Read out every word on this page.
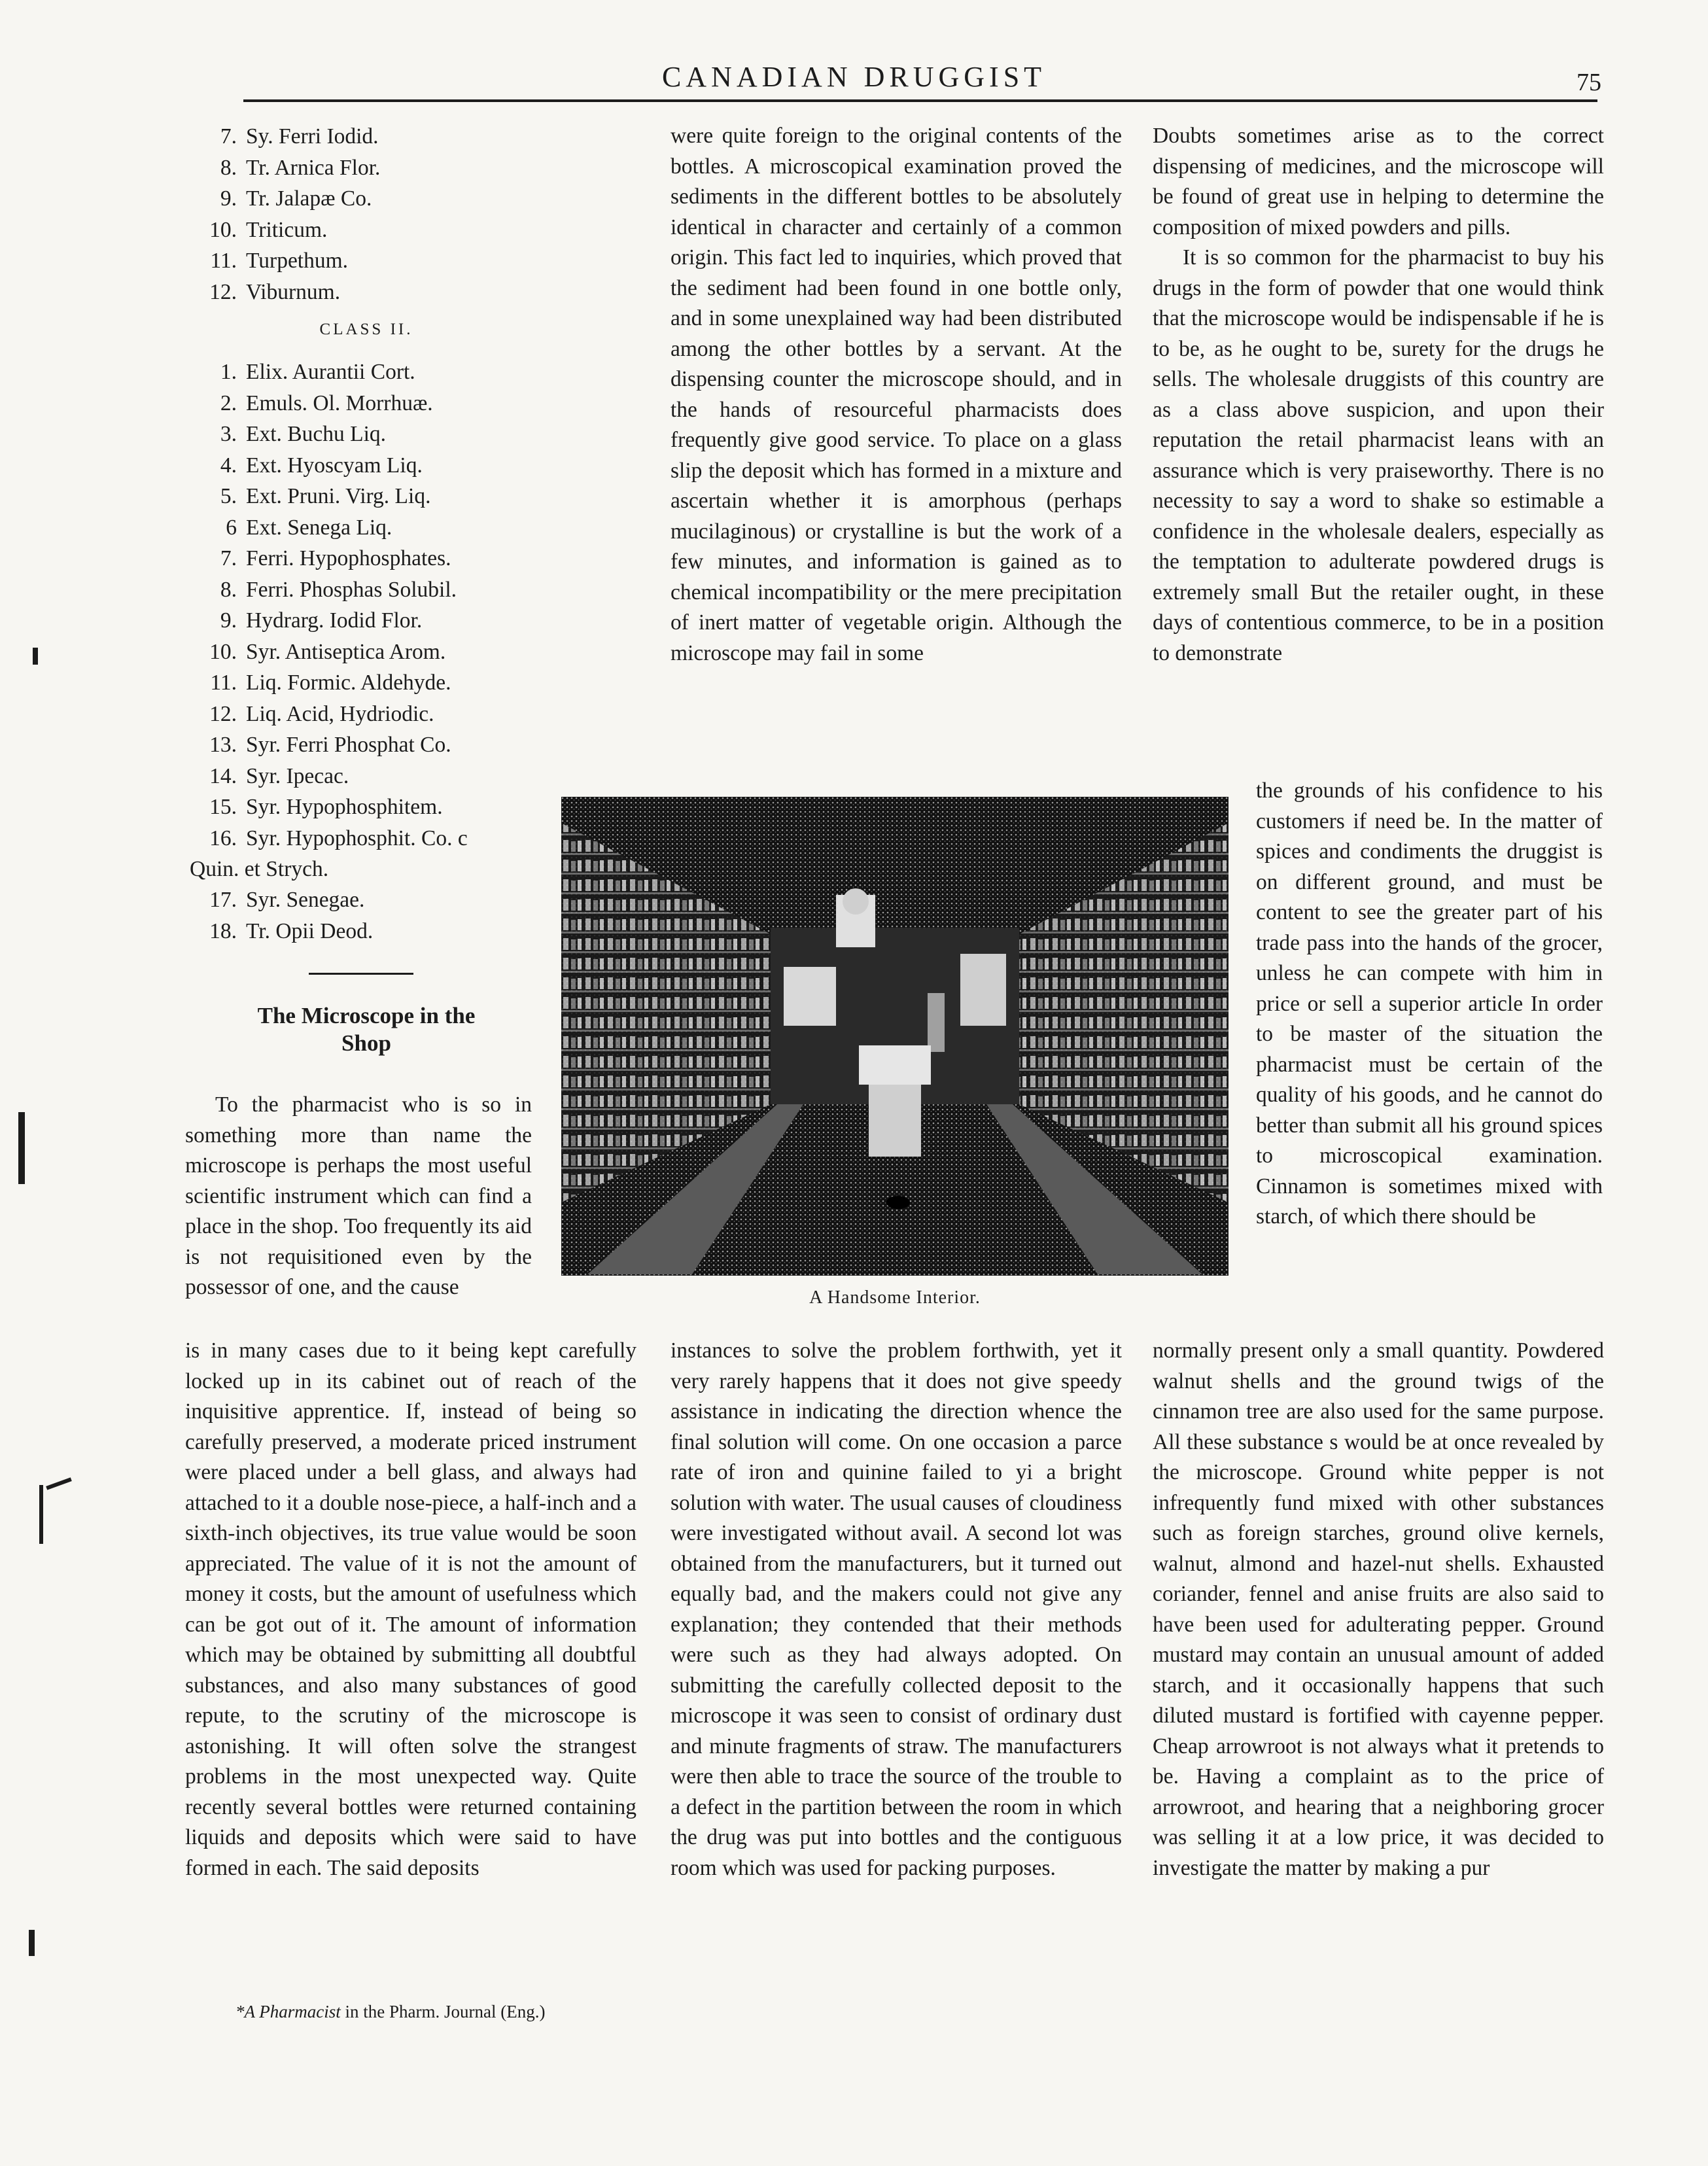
CANADIAN DRUGGIST	75
7. Sy. Ferri Iodid.
8. Tr. Arnica Flor.
9. Tr. Jalapæ Co.
10. Triticum.
11. Turpethum.
12. Viburnum.
CLASS II.
1. Elix. Aurantii Cort.
2. Emuls. Ol. Morrhuæ.
3. Ext. Buchu Liq.
4. Ext. Hyoscyam Liq.
5. Ext. Pruni. Virg. Liq.
6 Ext. Senega Liq.
7. Ferri. Hypophosphates.
8. Ferri. Phosphas Solubil.
9. Hydrarg. Iodid Flor.
10. Syr. Antiseptica Arom.
11. Liq. Formic. Aldehyde.
12. Liq. Acid, Hydriodic.
13. Syr. Ferri Phosphat Co.
14. Syr. Ipecac.
15. Syr. Hypophosphitem.
16. Syr. Hypophosphit. Co. c
Quin. et Strych.
17. Syr. Senegae.
18. Tr. Opii Deod.
The Microscope in the
Shop

To the pharmacist who is so in something more than name the microscope is perhaps the most useful scientific instrument which can find a place in the shop. Too frequently its aid is not requisitioned even by the possessor of one, and the cause

is in many cases due to it being kept carefully locked up in its cabinet out of reach of the inquisitive apprentice. If, instead of being so carefully preserved, a moderate priced instrument were placed under a bell glass, and always had attached to it a double nose-piece, a half-inch and a sixth-inch objectives, its true value would be soon appreciated. The value of it is not the amount of money it costs, but the amount of usefulness which can be got out of it. The amount of information which may be obtained by submitting all doubtful substances, and also many substances of good repute, to the scrutiny of the microscope is astonishing. It will often solve the strangest problems in the most unexpected way. Quite recently several bottles were returned containing liquids and deposits which were said to have formed in each. The said deposits

*A Pharmacist in the Pharm. Journal (Eng.)

were quite foreign to the original contents of the bottles. A microscopical examination proved the sediments in the different bottles to be absolutely identical in character and certainly of a common origin. This fact led to inquiries, which proved that the sediment had been found in one bottle only, and in some unexplained way had been distributed among the other bottles by a servant. At the dispensing counter the microscope should, and in the hands of resourceful pharmacists does frequently give good service. To place on a glass slip the deposit which has formed in a mixture and ascertain whether it is amorphous (perhaps mucilaginous) or crystalline is but the work of a few minutes, and information is gained as to chemical incompatibility or the mere precipitation of inert matter of vegetable origin. Although the microscope may fail in some

A Handsome Interior.

instances to solve the problem forthwith, yet it very rarely happens that it does not give speedy assistance in indicating the direction whence the final solution will come. On one occasion a parce rate of iron and quinine failed to yi a bright solution with water. The usual causes of cloudiness were investigated without avail. A second lot was obtained from the manufacturers, but it turned out equally bad, and the makers could not give any explanation; they contended that their methods were such as they had always adopted. On submitting the carefully collected deposit to the microscope it was seen to consist of ordinary dust and minute fragments of straw. The manufacturers were then able to trace the source of the trouble to a defect in the partition between the room in which the drug was put into bottles and the contiguous room which was used for packing purposes.

Doubts sometimes arise as to the correct dispensing of medicines, and the microscope will be found of great use in helping to determine the composition of mixed powders and pills.

It is so common for the pharmacist to buy his drugs in the form of powder that one would think that the microscope would be indispensable if he is to be, as he ought to be, surety for the drugs he sells. The wholesale druggists of this country are as a class above suspicion, and upon their reputation the retail pharmacist leans with an assurance which is very praiseworthy. There is no necessity to say a word to shake so estimable a confidence in the wholesale dealers, especially as the temptation to adulterate powdered drugs is extremely small But the retailer ought, in these days of contentious commerce, to be in a position to demonstrate

the grounds of his confidence to his customers if need be. In the matter of spices and condiments the druggist is on different ground, and must be content to see the greater part of his trade pass into the hands of the grocer, unless he can compete with him in price or sell a superior article In order to be master of the situation the pharmacist must be certain of the quality of his goods, and he cannot do better than submit all his ground spices to microscopical examination. Cinnamon is sometimes mixed with starch, of which there should be

normally present only a small quantity. Powdered walnut shells and the ground twigs of the cinnamon tree are also used for the same purpose. All these substance s would be at once revealed by the microscope. Ground white pepper is not infrequently fund mixed with other substances such as foreign starches, ground olive kernels, walnut, almond and hazel-nut shells. Exhausted coriander, fennel and anise fruits are also said to have been used for adulterating pepper. Ground mustard may contain an unusual amount of added starch, and it occasionally happens that such diluted mustard is fortified with cayenne pepper. Cheap arrowroot is not always what it pretends to be. Having a complaint as to the price of arrowroot, and hearing that a neighboring grocer was selling it at a low price, it was decided to investigate the matter by making a pur
